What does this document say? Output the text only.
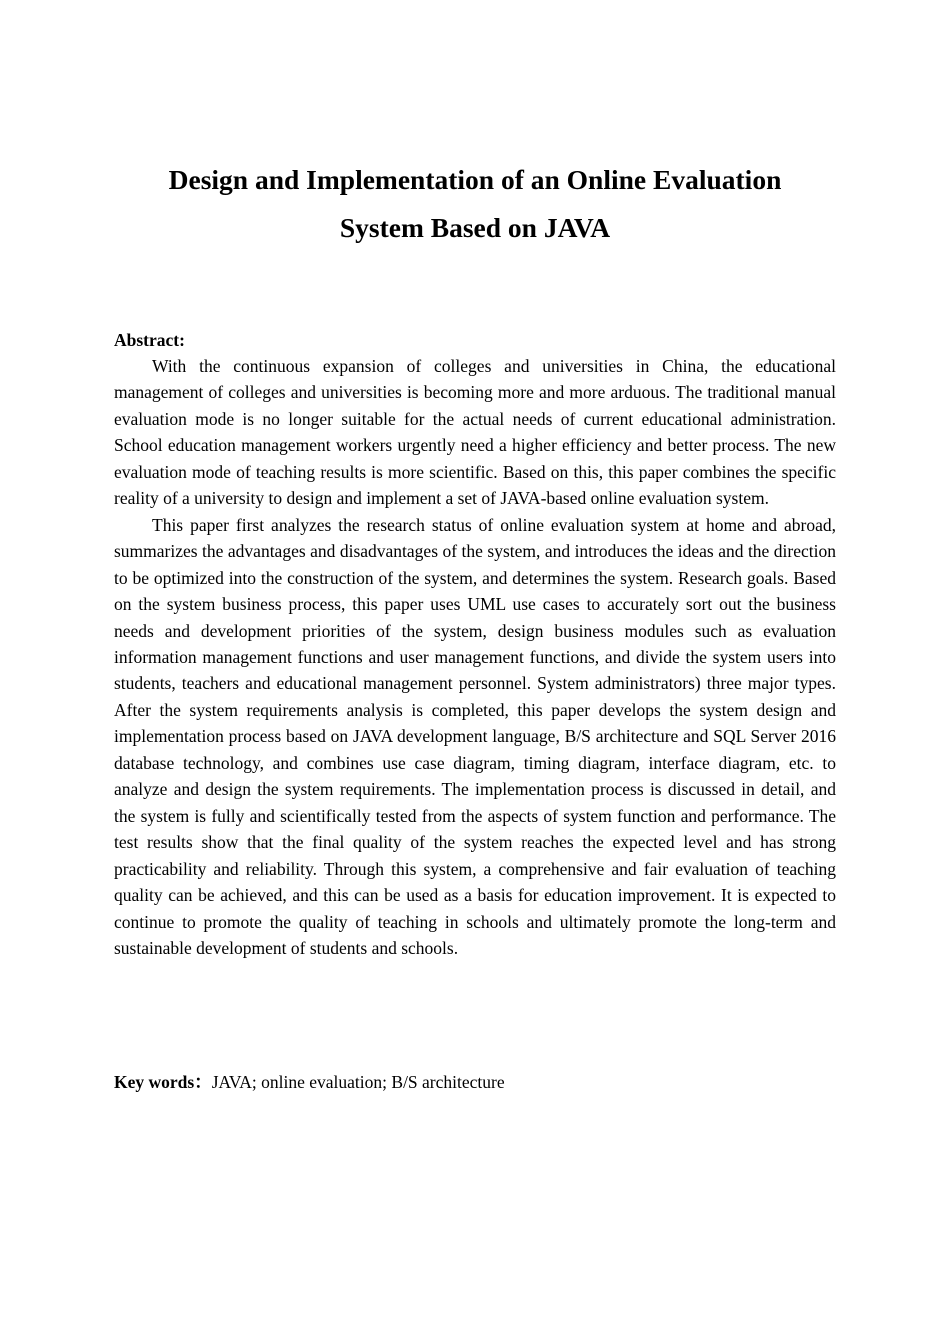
Design and Implementation of an Online Evaluation
System Based on JAVA
Abstract:

With the continuous expansion of colleges and universities in China, the educational management of colleges and universities is becoming more and more arduous. The traditional manual evaluation mode is no longer suitable for the actual needs of current educational administration. School education management workers urgently need a higher efficiency and better process. The new evaluation mode of teaching results is more scientific. Based on this, this paper combines the specific reality of a university to design and implement a set of JAVA-based online evaluation system.

This paper first analyzes the research status of online evaluation system at home and abroad, summarizes the advantages and disadvantages of the system, and introduces the ideas and the direction to be optimized into the construction of the system, and determines the system. Research goals. Based on the system business process, this paper uses UML use cases to accurately sort out the business needs and development priorities of the system, design business modules such as evaluation information management functions and user management functions, and divide the system users into students, teachers and educational management personnel. System administrators) three major types. After the system requirements analysis is completed, this paper develops the system design and implementation process based on JAVA development language, B/S architecture and SQL Server 2016 database technology, and combines use case diagram, timing diagram, interface diagram, etc. to analyze and design the system requirements. The implementation process is discussed in detail, and the system is fully and scientifically tested from the aspects of system function and performance. The test results show that the final quality of the system reaches the expected level and has strong practicability and reliability. Through this system, a comprehensive and fair evaluation of teaching quality can be achieved, and this can be used as a basis for education improvement. It is expected to continue to promote the quality of teaching in schools and ultimately promote the long-term and sustainable development of students and schools.

Key words：JAVA; online evaluation; B/S architecture
